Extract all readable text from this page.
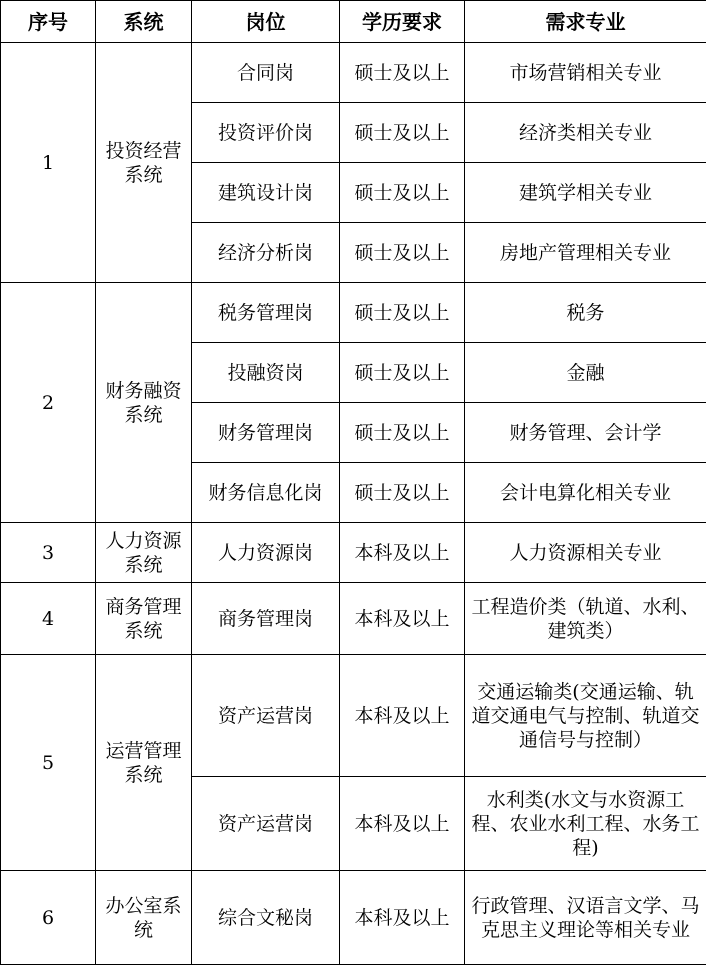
序号	系统	岗位	学历要求	需求专业
1	投资经营系统	合同岗	硕士及以上	市场营销相关专业
		投资评价岗	硕士及以上	经济类相关专业
		建筑设计岗	硕士及以上	建筑学相关专业
		经济分析岗	硕士及以上	房地产管理相关专业
2	财务融资系统	税务管理岗	硕士及以上	税务
		投融资岗	硕士及以上	金融
		财务管理岗	硕士及以上	财务管理、会计学
		财务信息化岗	硕士及以上	会计电算化相关专业
3	人力资源系统	人力资源岗	本科及以上	人力资源相关专业
4	商务管理系统	商务管理岗	本科及以上	工程造价类（轨道、水利、建筑类）
5	运营管理系统	资产运营岗	本科及以上	交通运输类(交通运输、轨道交通电气与控制、轨道交通信号与控制）
		资产运营岗	本科及以上	水利类(水文与水资源工程、农业水利工程、水务工程)
6	办公室系统	综合文秘岗	本科及以上	行政管理、汉语言文学、马克思主义理论等相关专业
